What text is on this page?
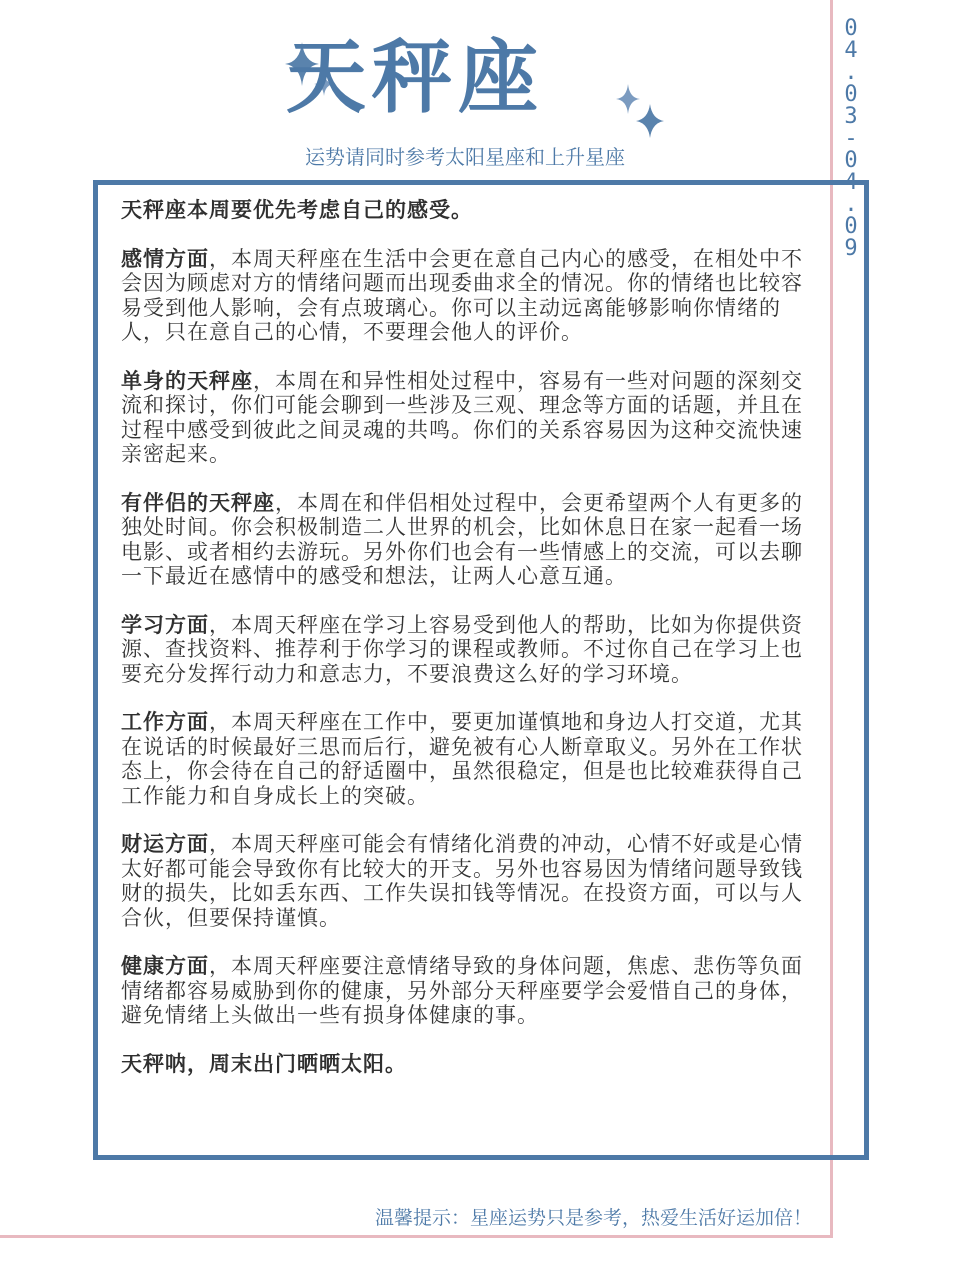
0
4
.
0
3
-
0
4
.
0
9
天秤座
运势请同时参考太阳星座和上升星座

天秤座本周要优先考虑自己的感受。

感情方面，本周天秤座在生活中会更在意自己内心的感受，在相处中不会因为顾虑对方的情绪问题而出现委曲求全的情况。你的情绪也比较容易受到他人影响，会有点玻璃心。你可以主动远离能够影响你情绪的人，只在意自己的心情，不要理会他人的评价。

单身的天秤座，本周在和异性相处过程中，容易有一些对问题的深刻交流和探讨，你们可能会聊到一些涉及三观、理念等方面的话题，并且在过程中感受到彼此之间灵魂的共鸣。你们的关系容易因为这种交流快速亲密起来。

有伴侣的天秤座，本周在和伴侣相处过程中，会更希望两个人有更多的独处时间。你会积极制造二人世界的机会，比如休息日在家一起看一场电影、或者相约去游玩。另外你们也会有一些情感上的交流，可以去聊一下最近在感情中的感受和想法，让两人心意互通。

学习方面，本周天秤座在学习上容易受到他人的帮助，比如为你提供资源、查找资料、推荐利于你学习的课程或教师。不过你自己在学习上也要充分发挥行动力和意志力，不要浪费这么好的学习环境。

工作方面，本周天秤座在工作中，要更加谨慎地和身边人打交道，尤其在说话的时候最好三思而后行，避免被有心人断章取义。另外在工作状态上，你会待在自己的舒适圈中，虽然很稳定，但是也比较难获得自己工作能力和自身成长上的突破。

财运方面，本周天秤座可能会有情绪化消费的冲动，心情不好或是心情太好都可能会导致你有比较大的开支。另外也容易因为情绪问题导致钱财的损失，比如丢东西、工作失误扣钱等情况。在投资方面，可以与人合伙，但要保持谨慎。

健康方面，本周天秤座要注意情绪导致的身体问题，焦虑、悲伤等负面情绪都容易威胁到你的健康，另外部分天秤座要学会爱惜自己的身体，避免情绪上头做出一些有损身体健康的事。

天秤呐，周末出门晒晒太阳。

温馨提示：星座运势只是参考，热爱生活好运加倍！
